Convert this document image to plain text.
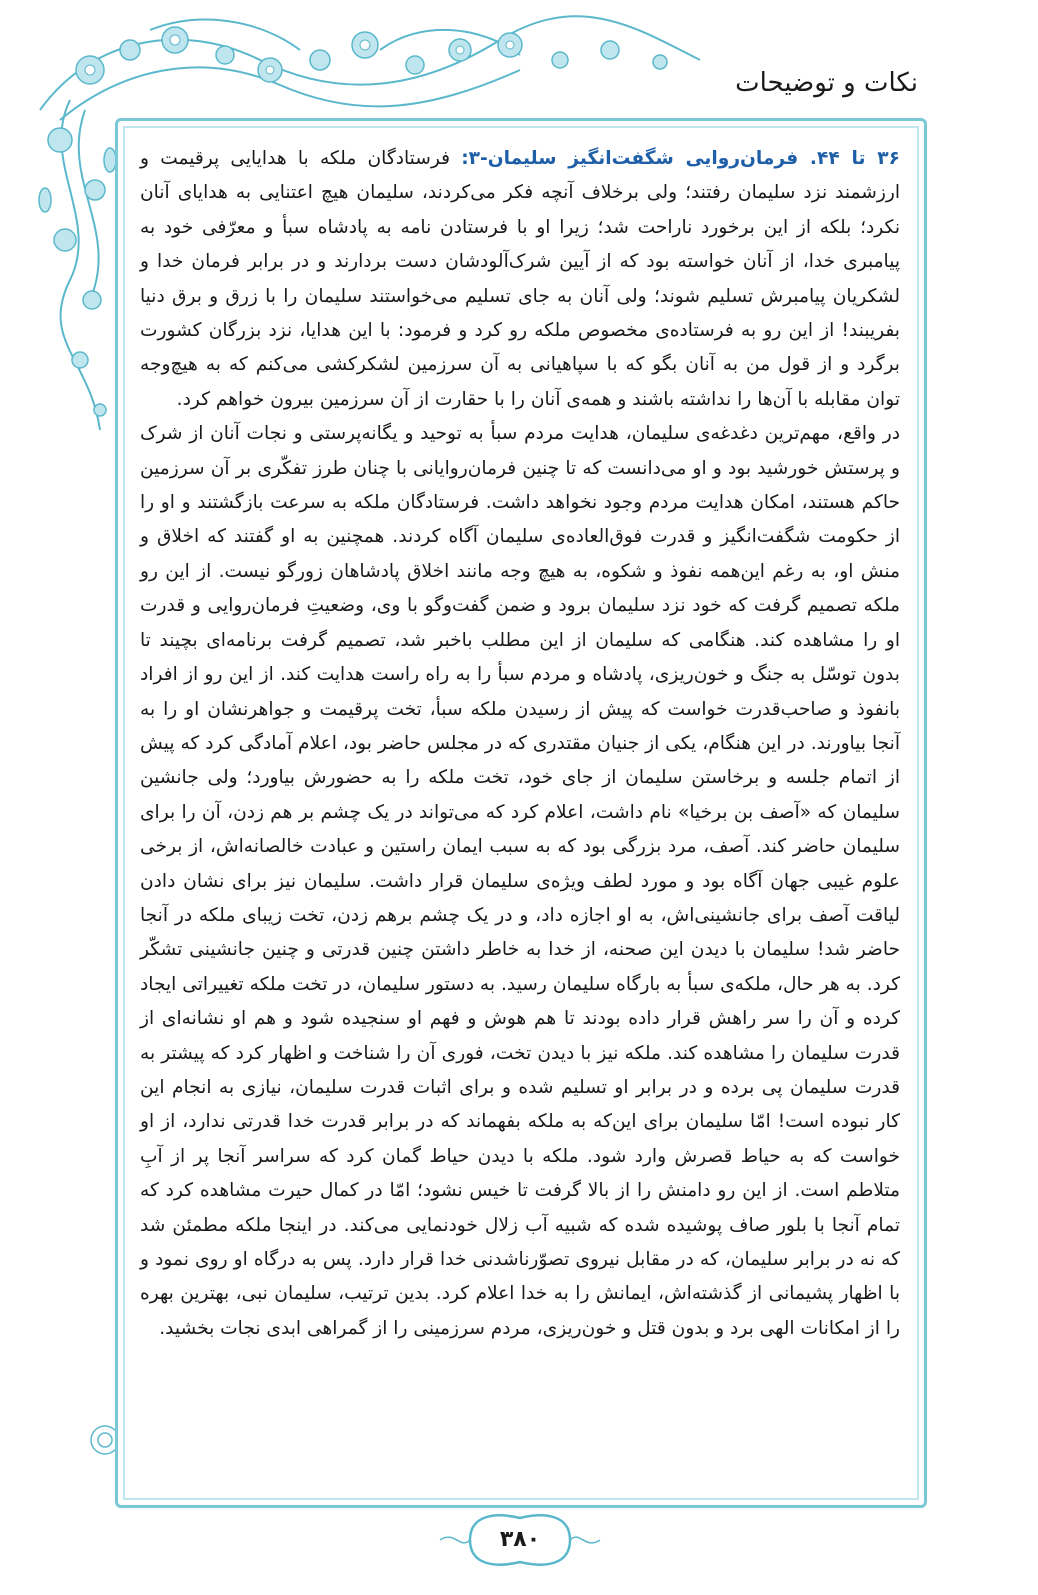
نکات و توضیحات

۳۶ تا ۴۴. فرمان‌روایی شگفت‌انگیز سلیمان-۳: فرستادگان ملکه با هدایایی پرقیمت و ارزشمند نزد سلیمان رفتند؛ ولی برخلاف آنچه فکر می‌کردند، سلیمان هیچ اعتنایی به هدایای آنان نکرد؛ بلکه از این برخورد ناراحت شد؛ زیرا او با فرستادن نامه به پادشاه سبأ و معرّفی خود به پیامبری خدا، از آنان خواسته بود که از آیین شرک‌آلودشان دست بردارند و در برابر فرمان خدا و لشکریان پیامبرش تسلیم شوند؛ ولی آنان به جای تسلیم می‌خواستند سلیمان را با زرق و برق دنیا بفریبند! از این رو به فرستاده‌ی مخصوص ملکه رو کرد و فرمود: با این هدایا، نزد بزرگان کشورت برگرد و از قول من به آنان بگو که با سپاهیانی به آن سرزمین لشکرکشی می‌کنم که به هیچ‌وجه توان مقابله با آن‌ها را نداشته باشند و همه‌ی آنان را با حقارت از آن سرزمین بیرون خواهم کرد.

در واقع، مهم‌ترین دغدغه‌ی سلیمان، هدایت مردم سبأ به توحید و یگانه‌پرستی و نجات آنان از شرک و پرستش خورشید بود و او می‌دانست که تا چنین فرمان‌روایانی با چنان طرز تفکّری بر آن سرزمین حاکم هستند، امکان هدایت مردم وجود نخواهد داشت. فرستادگان ملکه به سرعت بازگشتند و او را از حکومت شگفت‌انگیز و قدرت فوق‌العاده‌ی سلیمان آگاه کردند. همچنین به او گفتند که اخلاق و منش او، به رغم این‌همه نفوذ و شکوه، به هیچ وجه مانند اخلاق پادشاهان زورگو نیست. از این رو ملکه تصمیم گرفت که خود نزد سلیمان برود و ضمن گفت‌وگو با وی، وضعیتِ فرمان‌روایی و قدرت او را مشاهده کند. هنگامی که سلیمان از این مطلب باخبر شد، تصمیم گرفت برنامه‌ای بچیند تا بدون توسّل به جنگ و خون‌ریزی، پادشاه و مردم سبأ را به راه راست هدایت کند. از این رو از افراد بانفوذ و صاحب‌قدرت خواست که پیش از رسیدن ملکه سبأ، تخت پرقیمت و جواهرنشان او را به آنجا بیاورند. در این هنگام، یکی از جنیان مقتدری که در مجلس حاضر بود، اعلام آمادگی کرد که پیش از اتمام جلسه و برخاستن سلیمان از جای خود، تخت ملکه را به حضورش بیاورد؛ ولی جانشین سلیمان که «آصف بن برخیا» نام داشت، اعلام کرد که می‌تواند در یک چشم بر هم زدن، آن را برای سلیمان حاضر کند. آصف، مرد بزرگی بود که به سبب ایمان راستین و عبادت خالصانه‌اش، از برخی علوم غیبی جهان آگاه بود و مورد لطف ویژه‌ی سلیمان قرار داشت. سلیمان نیز برای نشان دادن لیاقت آصف برای جانشینی‌اش، به او اجازه داد، و در یک چشم برهم زدن، تخت زیبای ملکه در آنجا حاضر شد! سلیمان با دیدن این صحنه، از خدا به خاطر داشتن چنین قدرتی و چنین جانشینی تشکّر کرد. به هر حال، ملکه‌ی سبأ به بارگاه سلیمان رسید. به دستور سلیمان، در تخت ملکه تغییراتی ایجاد کرده و آن را سر راهش قرار داده بودند تا هم هوش و فهم او سنجیده شود و هم او نشانه‌ای از قدرت سلیمان را مشاهده کند. ملکه نیز با دیدن تخت، فوری آن را شناخت و اظهار کرد که پیشتر به قدرت سلیمان پی برده و در برابر او تسلیم شده و برای اثبات قدرت سلیمان، نیازی به انجام این کار نبوده است! امّا سلیمان برای این‌که به ملکه بفهماند که در برابر قدرت خدا قدرتی ندارد، از او خواست که به حیاط قصرش وارد شود. ملکه با دیدن حیاط گمان کرد که سراسر آنجا پر از آبِ متلاطم است. از این رو دامنش را از بالا گرفت تا خیس نشود؛ امّا در کمال حیرت مشاهده کرد که تمام آنجا با بلور صاف پوشیده شده که شبیه آب زلال خودنمایی می‌کند. در اینجا ملکه مطمئن شد که نه در برابر سلیمان، که در مقابل نیروی تصوّرناشدنی خدا قرار دارد. پس به درگاه او روی نمود و با اظهار پشیمانی از گذشته‌اش، ایمانش را به خدا اعلام کرد. بدین ترتیب، سلیمان نبی، بهترین بهره را از امکانات الهی برد و بدون قتل و خون‌ریزی، مردم سرزمینی را از گمراهی ابدی نجات بخشید.

۳۸۰
